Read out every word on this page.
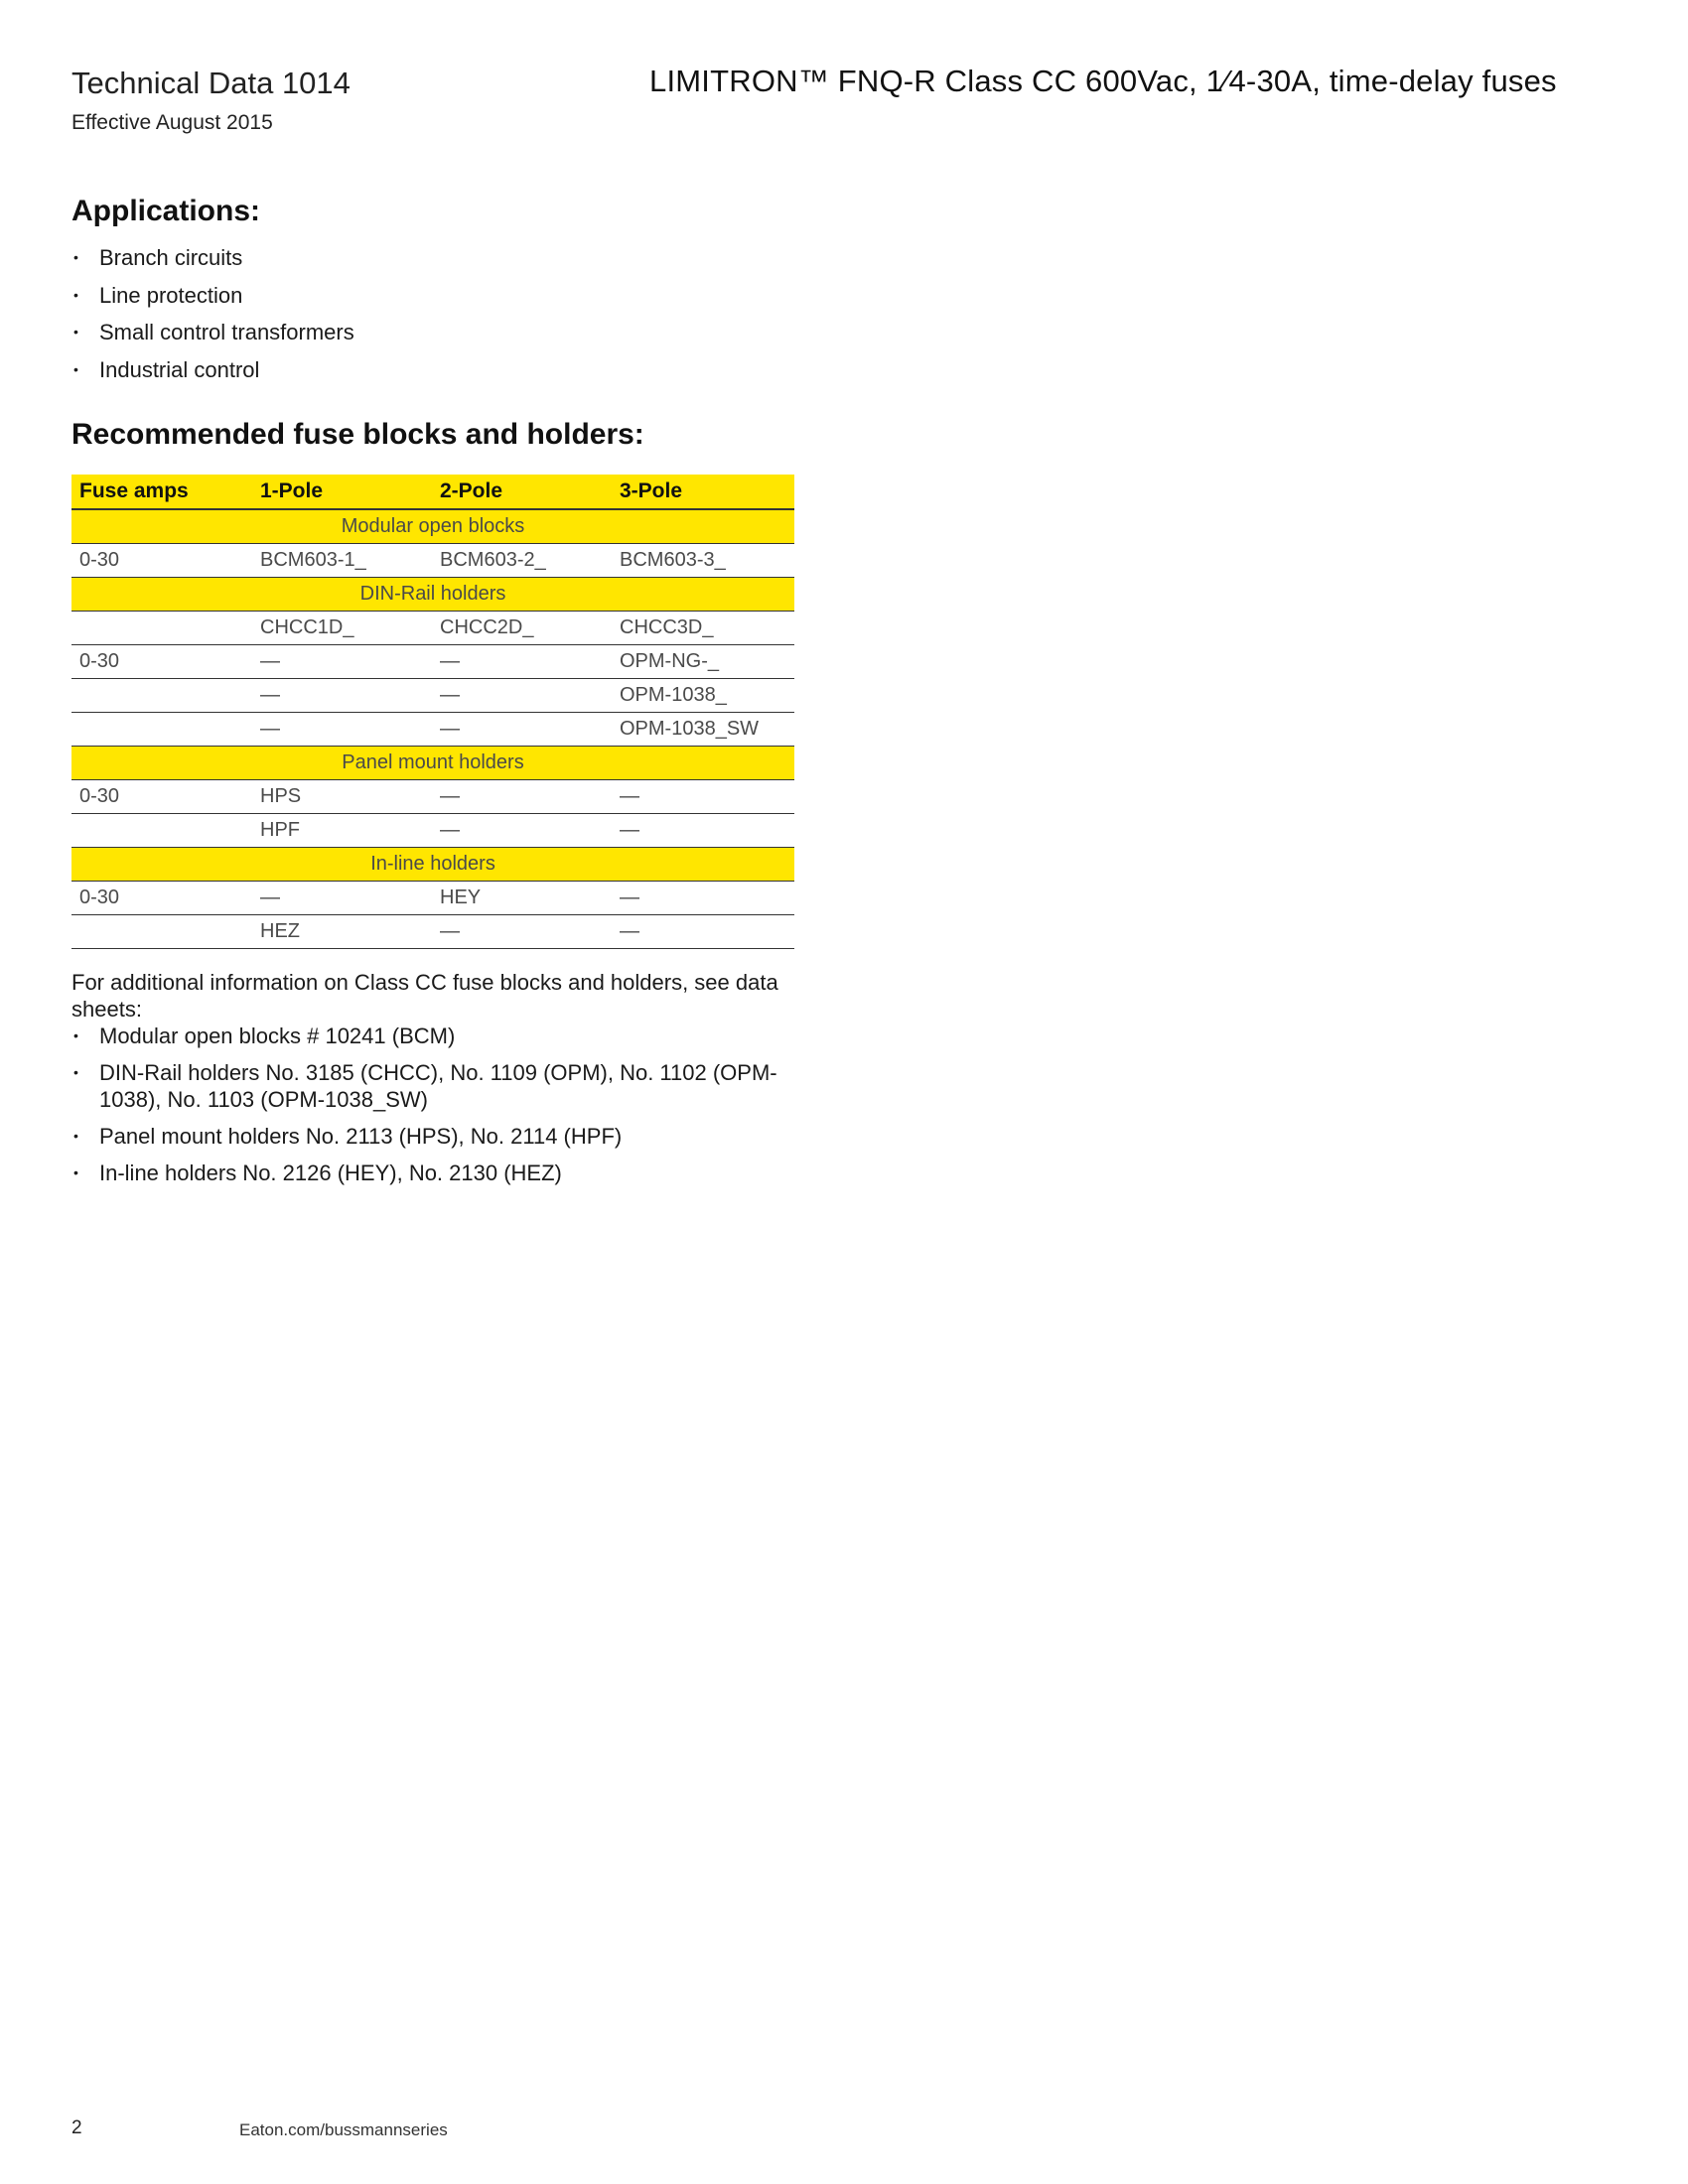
Technical Data 1014
Effective August 2015
LIMITRON™ FNQ-R Class CC 600Vac, 1⁄4-30A, time-delay fuses
Applications:
• Branch circuits
• Line protection
• Small control transformers
• Industrial control
Recommended fuse blocks and holders:
Fuse amps	1-Pole	2-Pole	3-Pole
Modular open blocks			
0-30	BCM603-1_	BCM603-2_	BCM603-3_
DIN-Rail holders			
	CHCC1D_	CHCC2D_	CHCC3D_
0-30	—	—	OPM-NG-_
	—	—	OPM-1038_
	—	—	OPM-1038_SW
Panel mount holders			
0-30	HPS	—	—
	HPF	—	—
In-line holders			
0-30	—	HEY	—
	HEZ	—	—
For additional information on Class CC fuse blocks and holders, see data sheets:
• Modular open blocks # 10241 (BCM)
• DIN-Rail holders No. 3185 (CHCC), No. 1109 (OPM), No. 1102 (OPM-1038), No. 1103 (OPM-1038_SW)
• Panel mount holders No. 2113 (HPS), No. 2114 (HPF)
• In-line holders No. 2126 (HEY), No. 2130 (HEZ)
2	Eaton.com/bussmannseries
